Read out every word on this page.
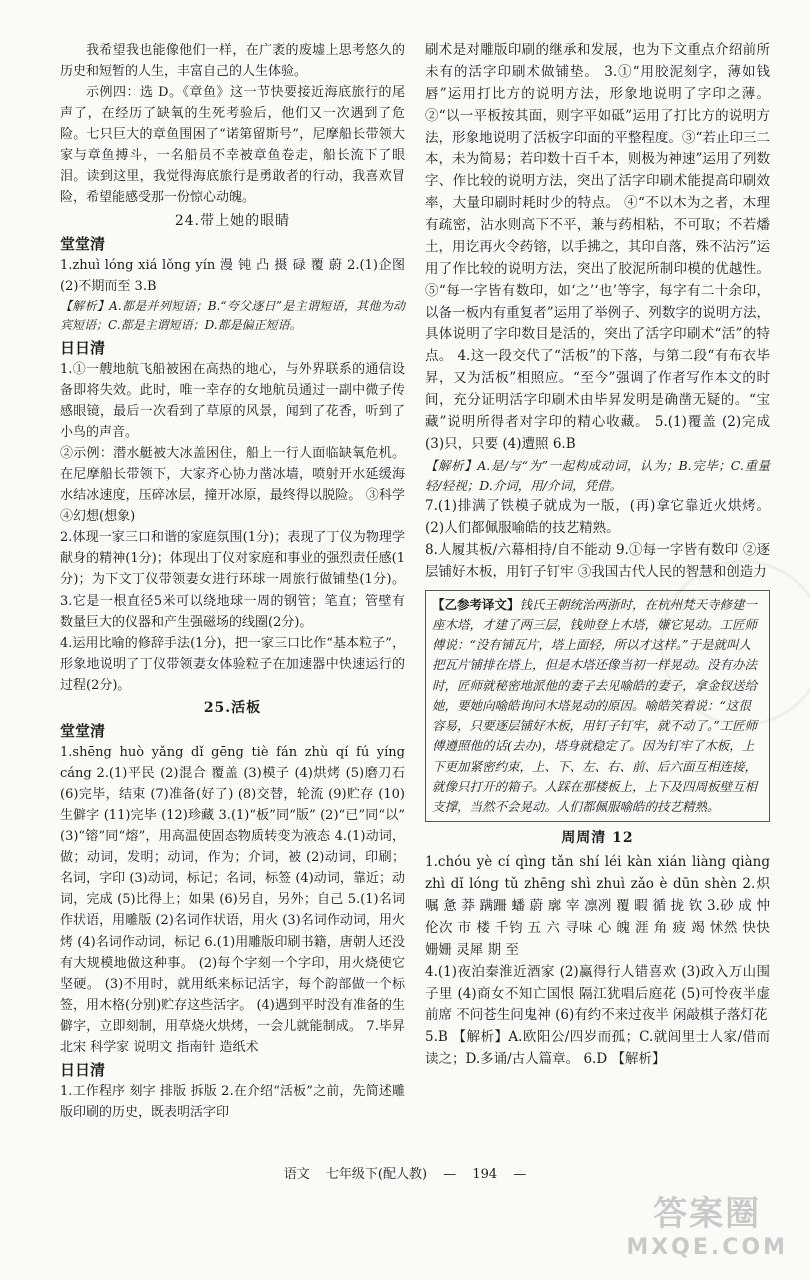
我希望我也能像他们一样，在广袤的废墟上思考悠久的历史和短暂的人生，丰富自己的人生体验。

示例四：选 D。《章鱼》这一节快要接近海底旅行的尾声了，在经历了缺氧的生死考验后，他们又一次遇到了危险。七只巨大的章鱼围困了“诺第留斯号”，尼摩船长带领大家与章鱼搏斗，一名船员不幸被章鱼卷走，船长流下了眼泪。读到这里，我觉得海底旅行是勇敢者的行动，我喜欢冒险，希望能感受那一份惊心动魄。

24.带上她的眼睛
堂堂清

1.zhuì lóng xiá lǒng yín 漫 钝 凸 摄 碌 覆 蔚 2.(1)企图 (2)不期而至 3.B

【解析】A.都是并列短语；B.“夸父逐日”是主谓短语，其他为动宾短语；C.都是主谓短语；D.都是偏正短语。

日日清

1.①一艘地航飞船被困在高热的地心，与外界联系的通信设备即将失效。此时，唯一幸存的女地航员通过一副中微子传感眼镜，最后一次看到了草原的风景，闻到了花香，听到了小鸟的声音。

②示例：潜水艇被大冰盖困住，船上一行人面临缺氧危机。在尼摩船长带领下，大家齐心协力凿冰墙，喷射开水延缓海水结冰速度，压碎冰层，撞开冰原，最终得以脱险。 ③科学 ④幻想(想象)

2.体现一家三口和谐的家庭氛围(1分)；表现了丁仪为物理学献身的精神(1分)；体现出丁仪对家庭和事业的强烈责任感(1分)；为下文丁仪带领妻女进行环球一周旅行做铺垫(1分)。 3.它是一根直径5米可以绕地球一周的钢管；笔直；管壁有数量巨大的仪器和产生强磁场的线圈(2分)。

4.运用比喻的修辞手法(1分)，把一家三口比作“基本粒子”，形象地说明了丁仪带领妻女体验粒子在加速器中快速运行的过程(2分)。

25.活板
堂堂清

1.shēng huò yǎng dǐ gēng tiè fán zhù qí fú yíng cáng 2.(1)平民 (2)混合 覆盖 (3)模子 (4)烘烤 (5)磨刀石 (6)完毕，结束 (7)准备(好了) (8)交替，轮流 (9)贮存 (10)生僻字 (11)完毕 (12)珍藏 3.(1)“板”同“版” (2)“已”同“以” (3)“镕”同“熔”，用高温使固态物质转变为液态 4.(1)动词，做；动词，发明；动词，作为；介词，被 (2)动词，印刷；名词，字印 (3)动词，标记；名词，标签 (4)动词，靠近；动词，完成 (5)比得上；如果 (6)另自，另外；自己 5.(1)名词作状语，用雕版 (2)名词作状语，用火 (3)名词作动词，用火烤 (4)名词作动词，标记 6.(1)用雕版印刷书籍，唐朝人还没有大规模地做这种事。 (2)每个字刻一个字印，用火烧使它坚硬。 (3)不用时，就用纸来标记活字，每个韵部做一个标签，用木格(分别)贮存这些活字。 (4)遇到平时没有准备的生僻字，立即刻制，用草烧火烘烤，一会儿就能制成。 7.毕昇 北宋 科学家 说明文 指南针 造纸术

日日清

1.工作程序 刻字 排版 拆版 2.在介绍“活板”之前，先简述雕版印刷的历史，既表明活字印

刷术是对雕版印刷的继承和发展，也为下文重点介绍前所未有的活字印刷术做铺垫。 3.①“用胶泥刻字，薄如钱唇”运用打比方的说明方法，形象地说明了字印之薄。②“以一平板按其面，则字平如砥”运用了打比方的说明方法，形象地说明了活板字印面的平整程度。③“若止印三二本，未为简易；若印数十百千本，则极为神速”运用了列数字、作比较的说明方法，突出了活字印刷术能提高印刷效率，大量印刷时耗时少的特点。 ④“不以木为之者，木理有疏密，沾水则高下不平，兼与药相粘，不可取；不若燔土，用讫再火令药镕，以手拂之，其印自落，殊不沾污”运用了作比较的说明方法，突出了胶泥所制印模的优越性。⑤“每一字皆有数印，如‘之’‘也’等字，每字有二十余印，以备一板内有重复者”运用了举例子、列数字的说明方法，具体说明了字印数目是活的，突出了活字印刷术“活”的特点。 4.这一段交代了“活板”的下落，与第二段“有布衣毕昇，又为活板”相照应。“至今”强调了作者写作本文的时间，充分证明活字印刷术由毕昇发明是确凿无疑的。“宝藏”说明所得者对字印的精心收藏。 5.(1)覆盖 (2)完成 (3)只，只要 (4)遭照 6.B

【解析】A.是/与“为”一起构成动词，认为；B.完毕；C.重量轻/轻视；D.介词，用/介词，凭借。

7.(1)排满了铁模子就成为一版，(再)拿它靠近火烘烤。 (2)人们都佩服喻皓的技艺精熟。

8.人履其板/六幕相持/自不能动 9.①每一字皆有数印 ②逐层铺好木板，用钉子钉牢 ③我国古代人民的智慧和创造力

【乙参考译文】钱氏王朝统治两浙时，在杭州梵天寺修建一座木塔，才建了两三层，钱帅登上木塔，嫌它晃动。工匠师傅说：“没有铺瓦片，塔上面轻，所以才这样。”于是就叫人把瓦片铺排在塔上，但是木塔还像当初一样晃动。没有办法时，匠师就秘密地派他的妻子去见喻皓的妻子，拿金钗送给她，要她向喻皓询问木塔晃动的原因。喻皓笑着说：“这很容易，只要逐层铺好木板，用钉子钉牢，就不动了。”工匠师傅遵照他的话(去办)，塔身就稳定了。因为钉牢了木板，上下更加紧密约束，上、下、左、右、前、后六面互相连接，就像只打开的箱子。人踩在那楼板上，上下及四周板壁互相支撑，当然不会晃动。人们都佩服喻皓的技艺精熟。
周周清 12

1.chóu yè cí qìng tǎn shí léi kàn xián liàng qiàng zhì dǐ lóng tǔ zhēng shì zhuì zǎo è dūn shèn 2.炽 嘱 惫 莽 蹒跚 蟠 蔚 廓 宰 凛冽 覆 暇 循 拢 钦 3.砂 成 忡 伦次 市 楼 千钧 五 六 寻味 心 魄 涯 角 疲 竭 怵然 快快 姗姗 灵犀 期 至

4.(1)夜泊秦淮近酒家 (2)赢得行人错喜欢 (3)政入万山围子里 (4)商女不知亡国恨 隔江犹唱后庭花 (5)可怜夜半虚前席 不问苍生问鬼神 (6)有约不来过夜半 闲敲棋子落灯花

5.B 【解析】A.欧阳公/四岁而孤；C.就闾里士人家/借而读之；D.多诵/古人篇章。 6.D 【解析】

语文 七年级下(配人教) — 194 —
答案圈
MXQE.COM
